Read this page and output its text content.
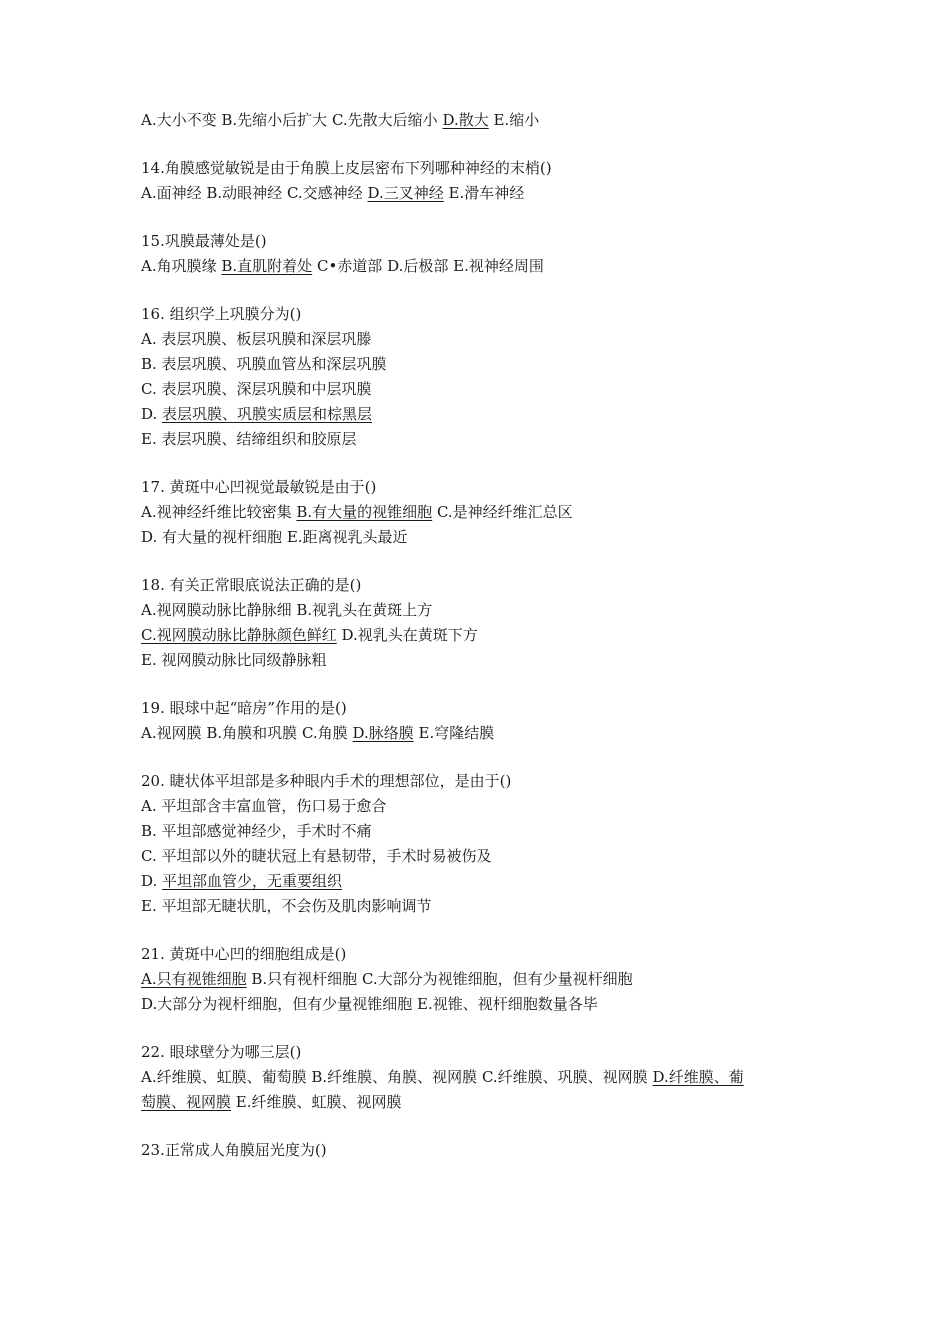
A.大小不变 B.先缩小后扩大 C.先散大后缩小 D.散大 E.缩小
14.角膜感觉敏锐是由于角膜上皮层密布下列哪种神经的末梢()
A.面神经 B.动眼神经 C.交感神经 D.三叉神经 E.滑车神经
15.巩膜最薄处是()
A.角巩膜缘 B.直肌附着处 C•赤道部 D.后极部 E.视神经周围
16. 组织学上巩膜分为()
A. 表层巩膜、板层巩膜和深层巩滕
B. 表层巩膜、巩膜血管丛和深层巩膜
C. 表层巩膜、深层巩膜和中层巩膜
D. 表层巩膜、巩膜实质层和棕黑层
E. 表层巩膜、结缔组织和胶原层
17. 黄斑中心凹视觉最敏锐是由于()
A.视神经纤维比较密集 B.有大量的视锥细胞 C.是神经纤维汇总区
D. 有大量的视杆细胞 E.距离视乳头最近
18. 有关正常眼底说法正确的是()
A.视网膜动脉比静脉细 B.视乳头在黄斑上方
C.视网膜动脉比静脉颜色鲜红 D.视乳头在黄斑下方
E. 视网膜动脉比同级静脉粗
19. 眼球中起“暗房”作用的是()
A.视网膜 B.角膜和巩膜 C.角膜 D.脉络膜 E.穹隆结膜
20. 睫状体平坦部是多种眼内手术的理想部位，是由于()
A. 平坦部含丰富血管，伤口易于愈合
B. 平坦部感觉神经少，手术时不痛
C. 平坦部以外的睫状冠上有悬韧带，手术时易被伤及
D. 平坦部血管少，无重要组织
E. 平坦部无睫状肌，不会伤及肌肉影响调节
21. 黄斑中心凹的细胞组成是()
A.只有视锥细胞 B.只有视杆细胞 C.大部分为视锥细胞，但有少量视杆细胞
D.大部分为视杆细胞，但有少量视锥细胞 E.视锥、视杆细胞数量各毕
22. 眼球壁分为哪三层()
A.纤维膜、虹膜、葡萄膜 B.纤维膜、角膜、视网膜 C.纤维膜、巩膜、视网膜 D.纤维膜、葡
萄膜、视网膜 E.纤维膜、虹膜、视网膜
23.正常成人角膜屈光度为()
